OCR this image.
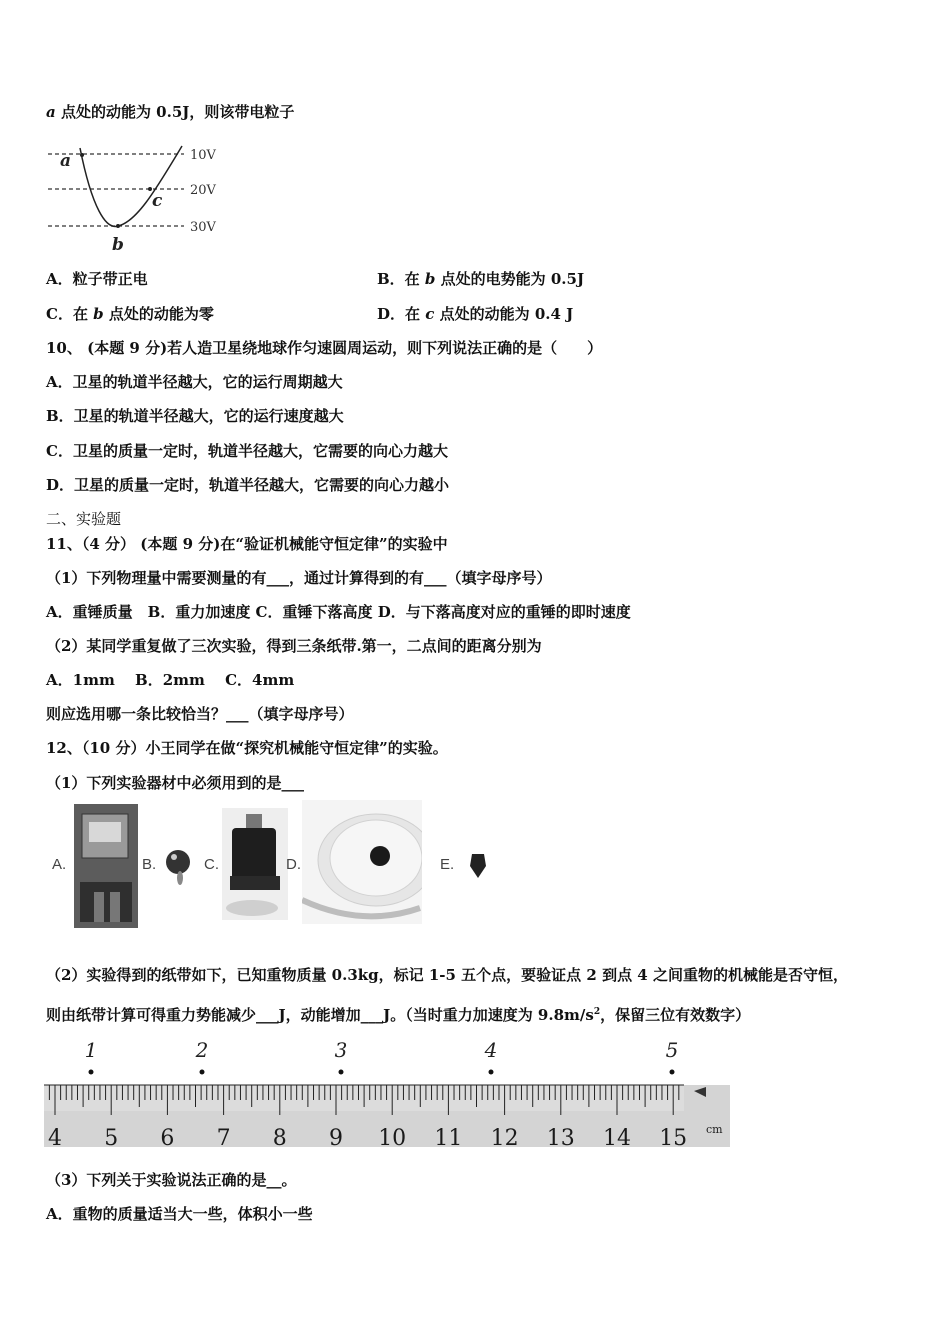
a 点处的动能为 0.5J，则该带电粒子
10V
20V
30V
a
b
c
A．粒子带正电	B．在 b 点处的电势能为 0.5J
C．在 b 点处的动能为零	D．在 c 点处的动能为 0.4 J
10、 (本题 9 分)若人造卫星绕地球作匀速圆周运动，则下列说法正确的是（　　）
A．卫星的轨道半径越大，它的运行周期越大
B．卫星的轨道半径越大，它的运行速度越大
C．卫星的质量一定时，轨道半径越大，它需要的向心力越大
D．卫星的质量一定时，轨道半径越大，它需要的向心力越小
二、实验题
11、（4 分） (本题 9 分)在“验证机械能守恒定律”的实验中
（1）下列物理量中需要测量的有___，通过计算得到的有___（填字母序号）
A．重锤质量　B．重力加速度 C．重锤下落高度 D．与下落高度对应的重锤的即时速度
（2）某同学重复做了三次实验，得到三条纸带.第一，二点间的距离分别为
A．1mm　 B．2mm　 C．4mm
则应选用哪一条比较恰当？___（填字母序号）
12、（10 分）小王同学在做“探究机械能守恒定律”的实验。
（1）下列实验器材中必须用到的是___
A.	B.	C.	D.	E.
（2）实验得到的纸带如下，已知重物质量 0.3kg，标记 1-5 五个点，要验证点 2 到点 4 之间重物的机械能是否守恒，
则由纸带计算可得重力势能减少___J，动能增加___J。（当时重力加速度为 $9.8m/s^2$，保留三位有效数字）
4 5 6 7 8 9 10 11 12 13 14 15
1	2	3	4	5
cm
（3）下列关于实验说法正确的是__。
A．重物的质量适当大一些，体积小一些
